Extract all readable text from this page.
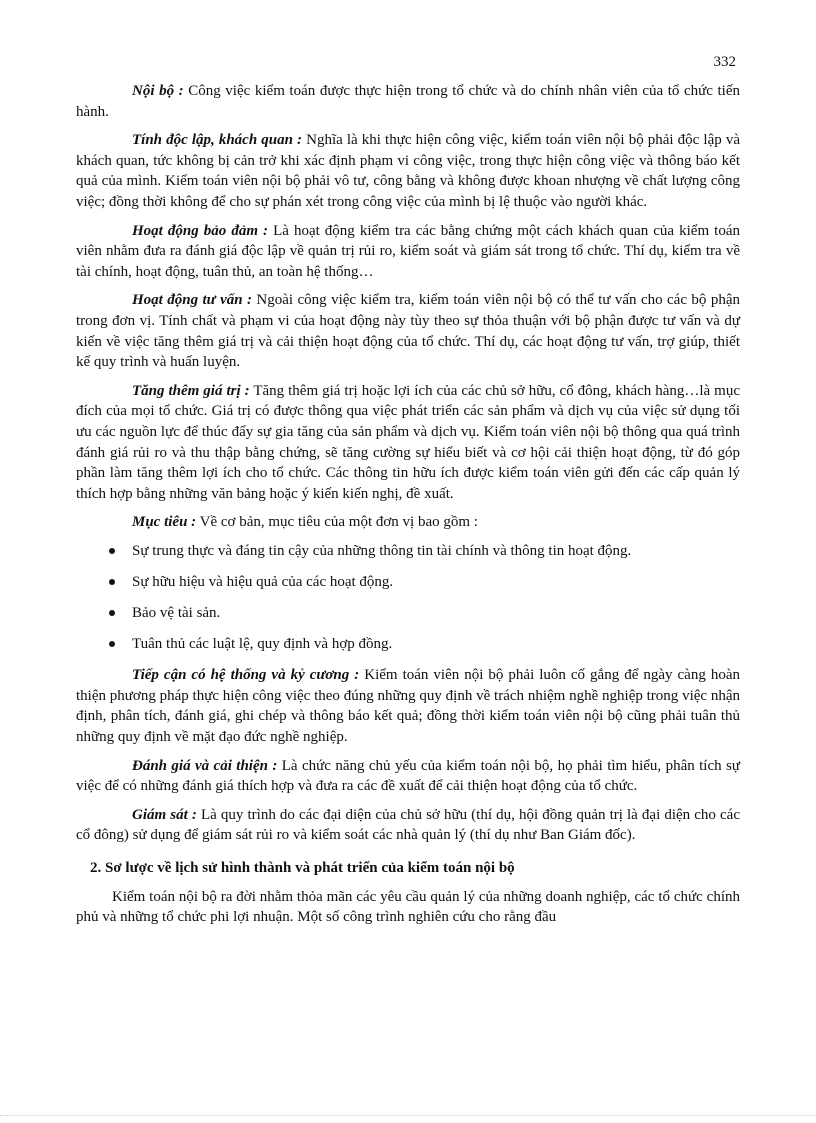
332

Nội bộ : Công việc kiểm toán được thực hiện trong tổ chức và do chính nhân viên của tổ chức tiến hành.

Tính độc lập, khách quan : Nghĩa là khi thực hiện công việc, kiểm toán viên nội bộ phải độc lập và khách quan, tức không bị cản trở khi xác định phạm vi công việc, trong thực hiện công việc và thông báo kết quả của mình. Kiểm toán viên nội bộ phải vô tư, công bằng và không được khoan nhượng về chất lượng công việc; đồng thời không để cho sự phán xét trong công việc của mình bị lệ thuộc vào người khác.

Hoạt động bảo đảm : Là hoạt động kiểm tra các bằng chứng một cách khách quan của kiểm toán viên nhằm đưa ra đánh giá độc lập về quản trị rủi ro, kiểm soát và giám sát trong tổ chức. Thí dụ, kiểm tra về tài chính, hoạt động, tuân thủ, an toàn hệ thống…

Hoạt động tư vấn : Ngoài công việc kiểm tra, kiểm toán viên nội bộ có thể tư vấn cho các bộ phận trong đơn vị. Tính chất và phạm vi của hoạt động này tùy theo sự thỏa thuận với bộ phận được tư vấn và dự kiến về việc tăng thêm giá trị và cải thiện hoạt động của tổ chức. Thí dụ, các hoạt động tư vấn, trợ giúp, thiết kế quy trình và huấn luyện.

Tăng thêm giá trị : Tăng thêm giá trị hoặc lợi ích của các chủ sở hữu, cổ đông, khách hàng…là mục đích của mọi tổ chức. Giá trị có được thông qua việc phát triển các sản phẩm và dịch vụ của việc sử dụng tối ưu các nguồn lực để thúc đẩy sự gia tăng của sản phẩm và dịch vụ. Kiểm toán viên nội bộ thông qua quá trình đánh giá rủi ro và thu thập bằng chứng, sẽ tăng cường sự hiểu biết và cơ hội cải thiện hoạt động, từ đó góp phần làm tăng thêm lợi ích cho tổ chức. Các thông tin hữu ích được kiểm toán viên gửi đến các cấp quản lý thích hợp bằng những văn bảng hoặc ý kiến kiến nghị, đề xuất.

Mục tiêu : Về cơ bản, mục tiêu của một đơn vị bao gồm :

Sự trung thực và đáng tin cậy của những thông tin tài chính và thông tin hoạt động.
Sự hữu hiệu và hiệu quả của các hoạt động.
Bảo vệ tài sản.
Tuân thủ các luật lệ, quy định và hợp đồng.

Tiếp cận có hệ thống và kỷ cương : Kiểm toán viên nội bộ phải luôn cố gắng để ngày càng hoàn thiện phương pháp thực hiện công việc theo đúng những quy định về trách nhiệm nghề nghiệp trong việc nhận định, phân tích, đánh giá, ghi chép và thông báo kết quả; đồng thời kiểm toán viên nội bộ cũng phải tuân thủ những quy định về mặt đạo đức nghề nghiệp.

Đánh giá và cải thiện : Là chức năng chủ yếu của kiểm toán nội bộ, họ phải tìm hiểu, phân tích sự việc để có những đánh giá thích hợp và đưa ra các đề xuất để cải thiện hoạt động của tổ chức.

Giám sát : Là quy trình do các đại diện của chủ sở hữu (thí dụ, hội đồng quản trị là đại diện cho các cổ đông) sử dụng để giám sát rủi ro và kiểm soát các nhà quản lý (thí dụ như Ban Giám đốc).

2. Sơ lược về lịch sử hình thành và phát triển của kiểm toán nội bộ

Kiểm toán nội bộ ra đời nhằm thỏa mãn các yêu cầu quản lý của những doanh nghiệp, các tổ chức chính phủ và những tổ chức phi lợi nhuận. Một số công trình nghiên cứu cho rằng đầu
